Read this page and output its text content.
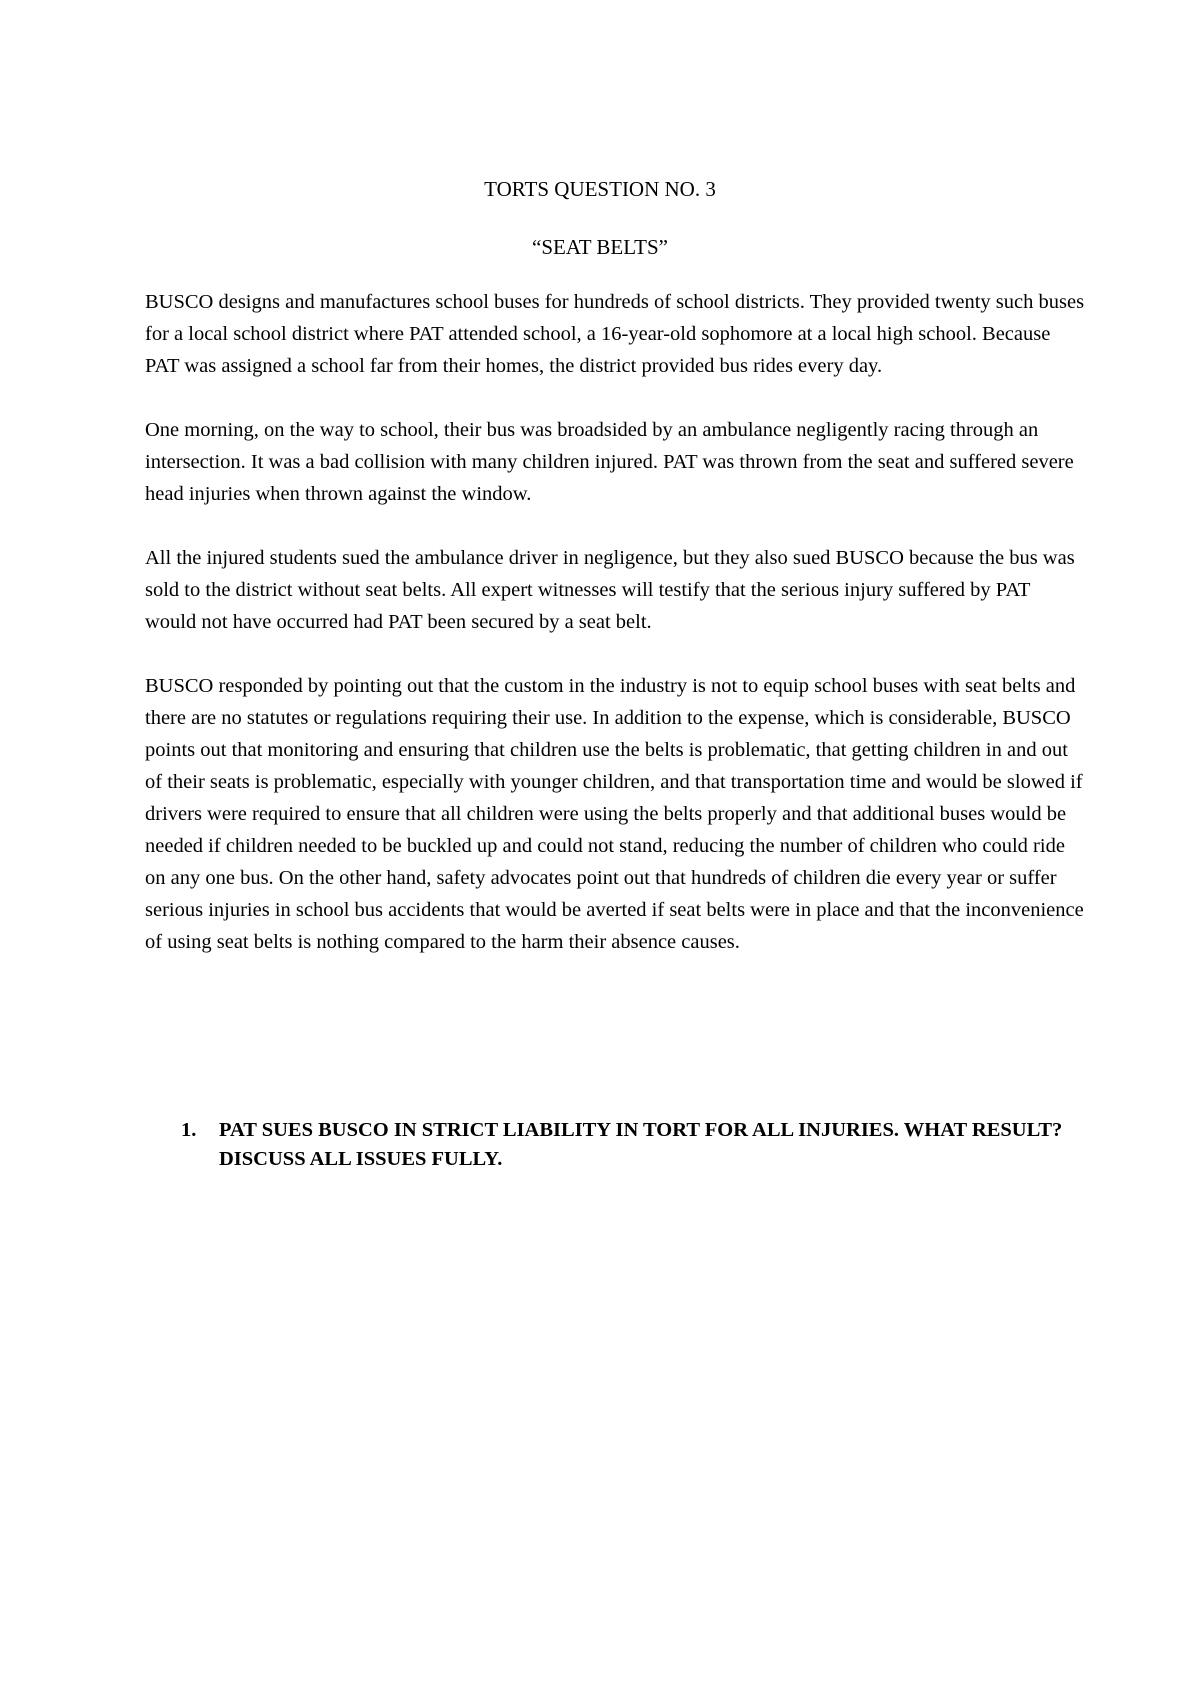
TORTS QUESTION NO. 3
“SEAT BELTS”

BUSCO designs and manufactures school buses for hundreds of school districts. They provided twenty such buses for a local school district where PAT attended school, a 16-year-old sophomore at a local high school. Because PAT was assigned a school far from their homes, the district provided bus rides every day.

One morning, on the way to school, their bus was broadsided by an ambulance negligently racing through an intersection. It was a bad collision with many children injured. PAT was thrown from the seat and suffered severe head injuries when thrown against the window.

All the injured students sued the ambulance driver in negligence, but they also sued BUSCO because the bus was sold to the district without seat belts. All expert witnesses will testify that the serious injury suffered by PAT would not have occurred had PAT been secured by a seat belt.

BUSCO responded by pointing out that the custom in the industry is not to equip school buses with seat belts and there are no statutes or regulations requiring their use. In addition to the expense, which is considerable, BUSCO points out that monitoring and ensuring that children use the belts is problematic, that getting children in and out of their seats is problematic, especially with younger children, and that transportation time and would be slowed if drivers were required to ensure that all children were using the belts properly and that additional buses would be needed if children needed to be buckled up and could not stand, reducing the number of children who could ride on any one bus. On the other hand, safety advocates point out that hundreds of children die every year or suffer serious injuries in school bus accidents that would be averted if seat belts were in place and that the inconvenience of using seat belts is nothing compared to the harm their absence causes.

1.	PAT SUES BUSCO IN STRICT LIABILITY IN TORT FOR ALL INJURIES. WHAT RESULT? DISCUSS ALL ISSUES FULLY.
